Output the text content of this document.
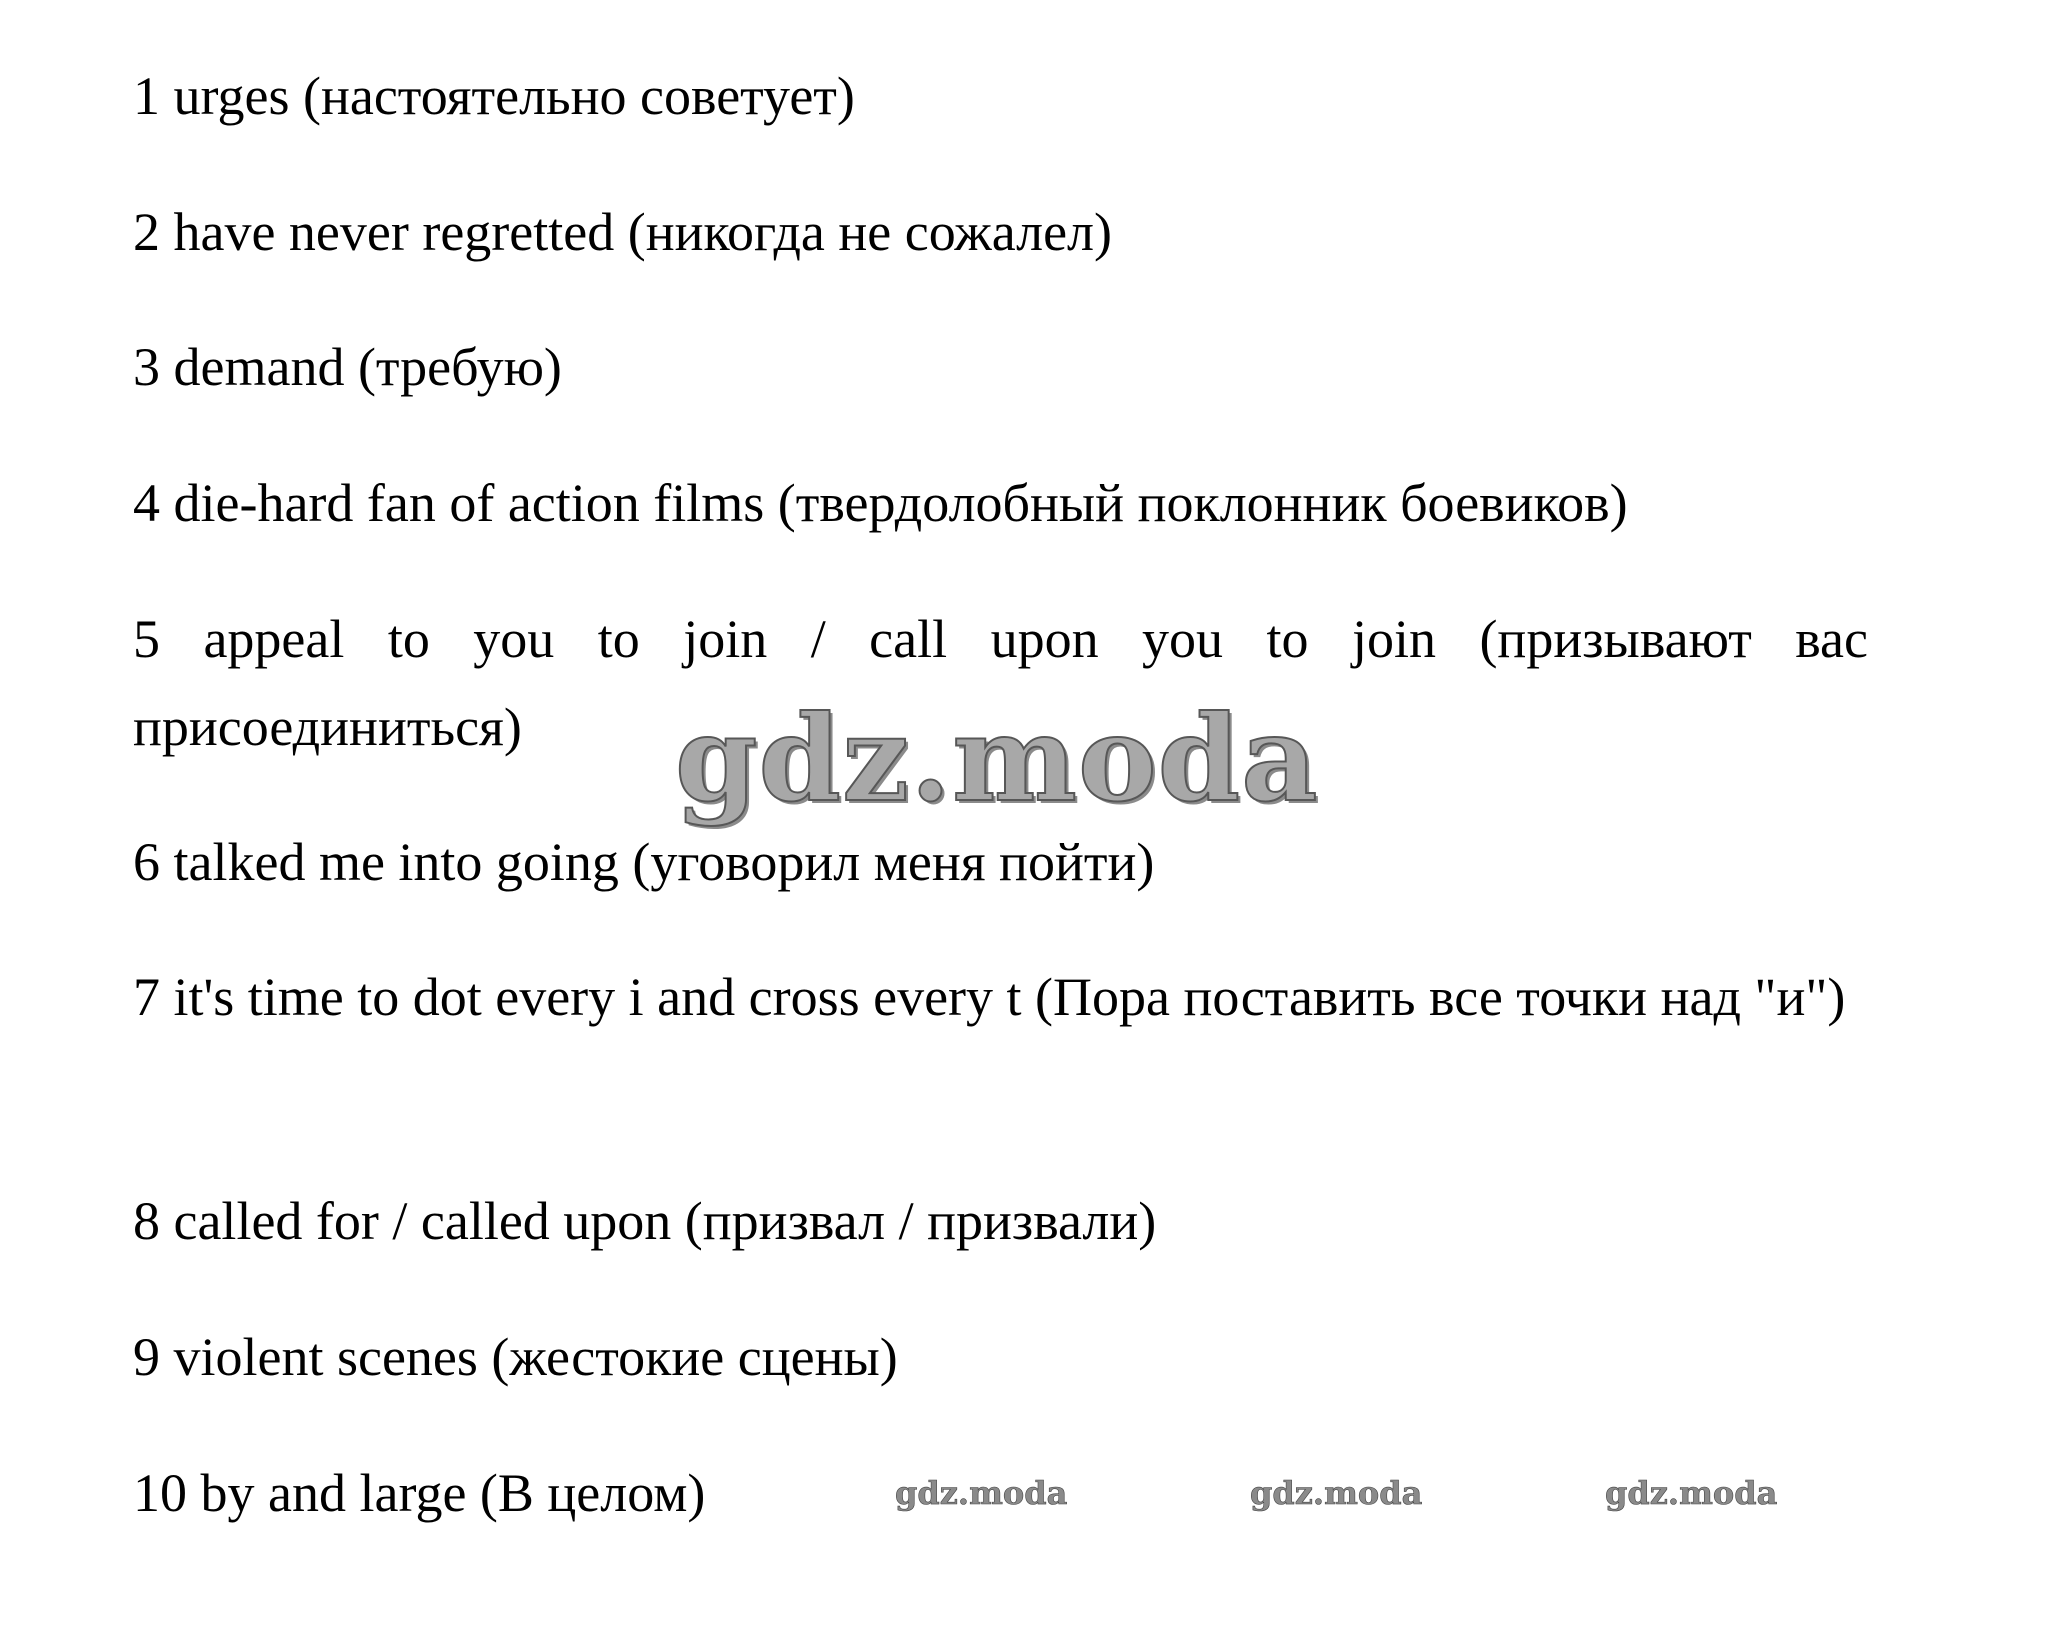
1 urges (настоятельно советует)
2 have never regretted (никогда не сожалел)
3 demand (требую)
4 die-hard fan of action films (твердолобный поклонник боевиков)
5 appeal to you to join / call upon you to join (призывают вас присоединиться)
6 talked me into going (уговорил меня пойти)
7 it's time to dot every i and cross every t (Пора поставить все точки над "и")
8 called for / called upon (призвал / призвали)
9 violent scenes (жестокие сцены)
10 by and large (В целом)
gdz.moda
gdz.moda	gdz.moda	gdz.moda
